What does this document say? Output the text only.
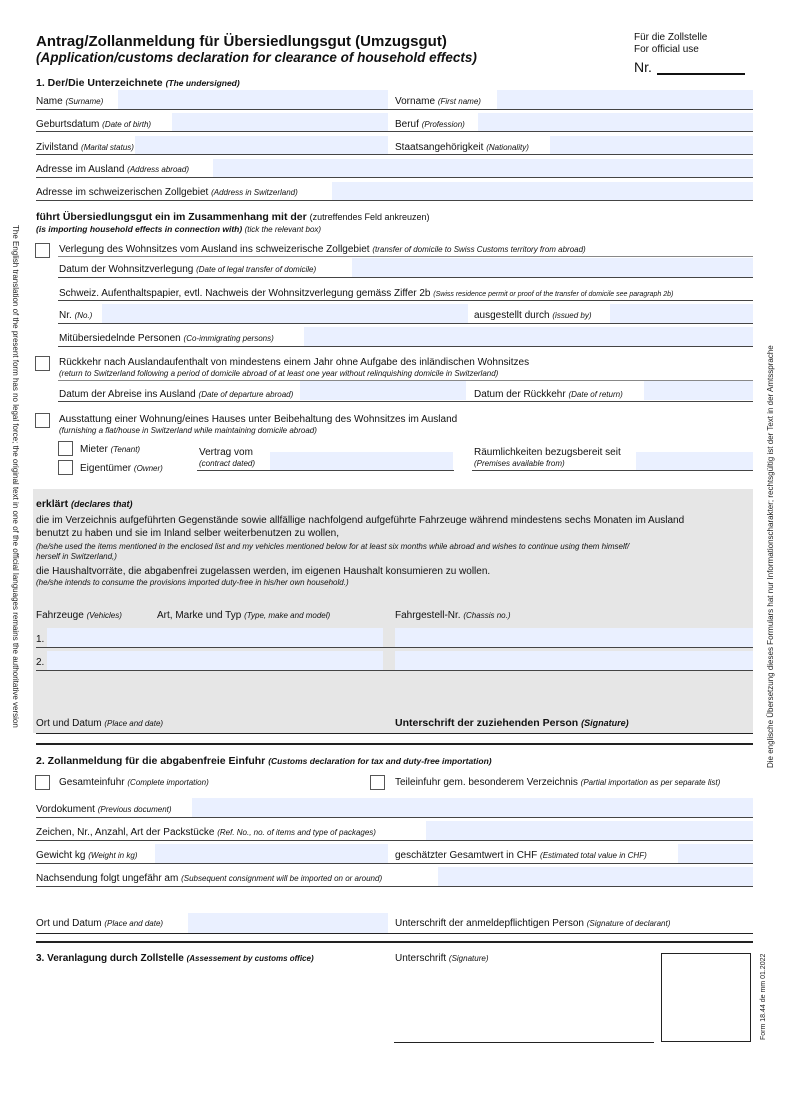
The English translation of the present form has no legal force; the original text in one of the official languages remains the authoritative version	Die englische Übersetzung dieses Formulars hat nur Informationscharakter; rechtsgültig ist der Text in der Amtssprache
Form 18.44 de mm 01.2022
Antrag/Zollanmeldung für Übersiedlungsgut (Umzugsgut)
(Application/customs declaration for clearance of household effects)
Für die Zollstelle
For official use
Nr.
1. Der/Die Unterzeichnete (The undersigned)
Name (Surname)	Vorname (First name)
Geburtsdatum (Date of birth)	Beruf (Profession)
Zivilstand (Marital status)	Staatsangehörigkeit (Nationality)
Adresse im Ausland (Address abroad)
Adresse im schweizerischen Zollgebiet (Address in Switzerland)
führt Übersiedlungsgut ein im Zusammenhang mit der (zutreffendes Feld ankreuzen)
(is importing household effects in connection with) (tick the relevant box)
Verlegung des Wohnsitzes vom Ausland ins schweizerische Zollgebiet (transfer of domicile to Swiss Customs territory from abroad)
Datum der Wohnsitzverlegung (Date of legal transfer of domicile)
Schweiz. Aufenthaltspapier, evtl. Nachweis der Wohnsitzverlegung gemäss Ziffer 2b (Swiss residence permit or proof of the transfer of domicile see paragraph 2b)
Nr. (No.)	ausgestellt durch (issued by)
Mitübersiedelnde Personen (Co-immigrating persons)
Rückkehr nach Auslandaufenthalt von mindestens einem Jahr ohne Aufgabe des inländischen Wohnsitzes
(return to Switzerland following a period of domicile abroad of at least one year without relinquishing domicile in Switzerland)
Datum der Abreise ins Ausland (Date of departure abroad)	Datum der Rückkehr (Date of return)
Ausstattung einer Wohnung/eines Hauses unter Beibehaltung des Wohnsitzes im Ausland
(furnishing a flat/house in Switzerland while maintaining domicile abroad)
Mieter (Tenant)
Eigentümer (Owner)
Vertrag vom
(contract dated)
Räumlichkeiten bezugsbereit seit
(Premises available from)
erklärt (declares that)
die im Verzeichnis aufgeführten Gegenstände sowie allfällige nachfolgend aufgeführte Fahrzeuge während mindestens sechs Monaten im Ausland
benutzt zu haben und sie im Inland selber weiterbenutzen zu wollen,
(he/she used the items mentioned in the enclosed list and my vehicles mentioned below for at least six months while abroad and wishes to continue using them himself/
herself in Switzerland,)
die Haushaltvorräte, die abgabenfrei zugelassen werden, im eigenen Haushalt konsumieren zu wollen.
(he/she intends to consume the provisions imported duty-free in his/her own household.)
Fahrzeuge (Vehicles)	Art, Marke und Typ (Type, make and model)	Fahrgestell-Nr. (Chassis no.)
1.
2.
Ort und Datum (Place and date)	Unterschrift der zuziehenden Person (Signature)
2. Zollanmeldung für die abgabenfreie Einfuhr (Customs declaration for tax and duty-free importation)
Gesamteinfuhr (Complete importation)	Teileinfuhr gem. besonderem Verzeichnis (Partial importation as per separate list)
Vordokument (Previous document)
Zeichen, Nr., Anzahl, Art der Packstücke (Ref. No., no. of items and type of packages)
Gewicht kg (Weight in kg)	geschätzter Gesamtwert in CHF (Estimated total value in CHF)
Nachsendung folgt ungefähr am (Subsequent consignment will be imported on or around)
Ort und Datum (Place and date)	Unterschrift der anmeldepflichtigen Person (Signature of declarant)
3. Veranlagung durch Zollstelle (Assessement by customs office)	Unterschrift (Signature)
